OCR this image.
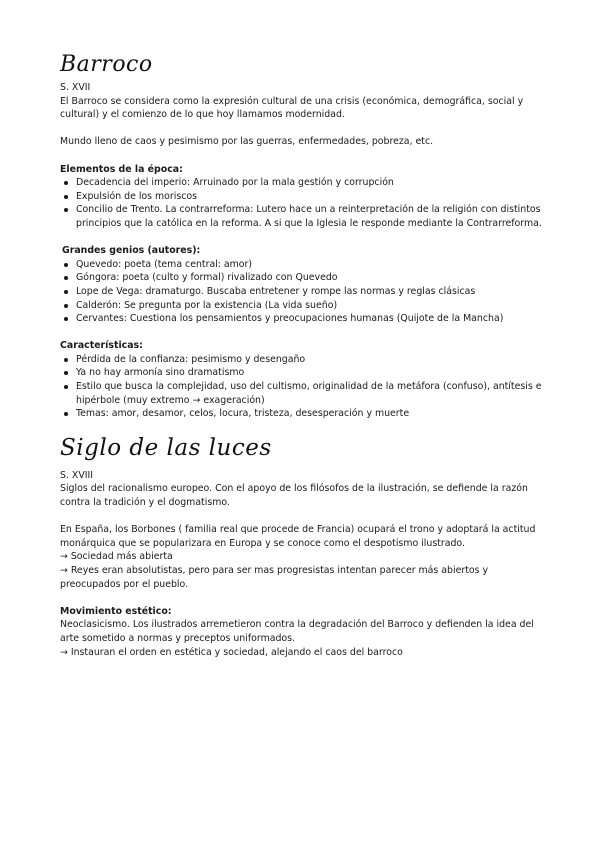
Barroco

S. XVII

El Barroco se considera como la expresión cultural de una crisis (económica, demográfica, social y cultural) y el comienzo de lo que hoy llamamos modernidad.

Mundo lleno de caos y pesimismo por las guerras, enfermedades, pobreza, etc.

Elementos de la época:

Decadencia del imperio: Arruinado por la mala gestión y corrupción
Expulsión de los moriscos
Concilio de Trento. La contrarreforma: Lutero hace un a reinterpretación de la religión con distintos principios que la católica en la reforma. A si que la Iglesia le responde mediante la Contrarreforma.

Grandes genios (autores):

Quevedo: poeta (tema central: amor)
Góngora: poeta (culto y formal) rivalizado con Quevedo
Lope de Vega: dramaturgo. Buscaba entretener y rompe las normas y reglas clásicas
Calderón: Se pregunta por la existencia (La vida sueño)
Cervantes: Cuestiona los pensamientos y preocupaciones humanas (Quijote de la Mancha)

Características:

Pérdida de la confianza: pesimismo y desengaño
Ya no hay armonía sino dramatismo
Estilo que busca la complejidad, uso del cultismo, originalidad de la metáfora (confuso), antítesis e hipérbole (muy extremo → exageración)
Temas: amor, desamor, celos, locura, tristeza, desesperación y muerte
Siglo de las luces

S. XVIII

Siglos del racionalismo europeo. Con el apoyo de los filósofos de la ilustración, se defiende la razón contra la tradición y el dogmatismo.

En España, los Borbones ( familia real que procede de Francia) ocupará el trono y adoptará la actitud monárquica que se popularizara en Europa y se conoce como el despotismo ilustrado.

→ Sociedad más abierta

→ Reyes eran absolutistas, pero para ser mas progresistas intentan parecer más abiertos y preocupados por el pueblo.

Movimiento estético:

Neoclasicismo. Los ilustrados arremetieron contra la degradación del Barroco y defienden la idea del arte sometido a normas y preceptos uniformados.

→ Instauran el orden en estética y sociedad, alejando el caos del barroco
